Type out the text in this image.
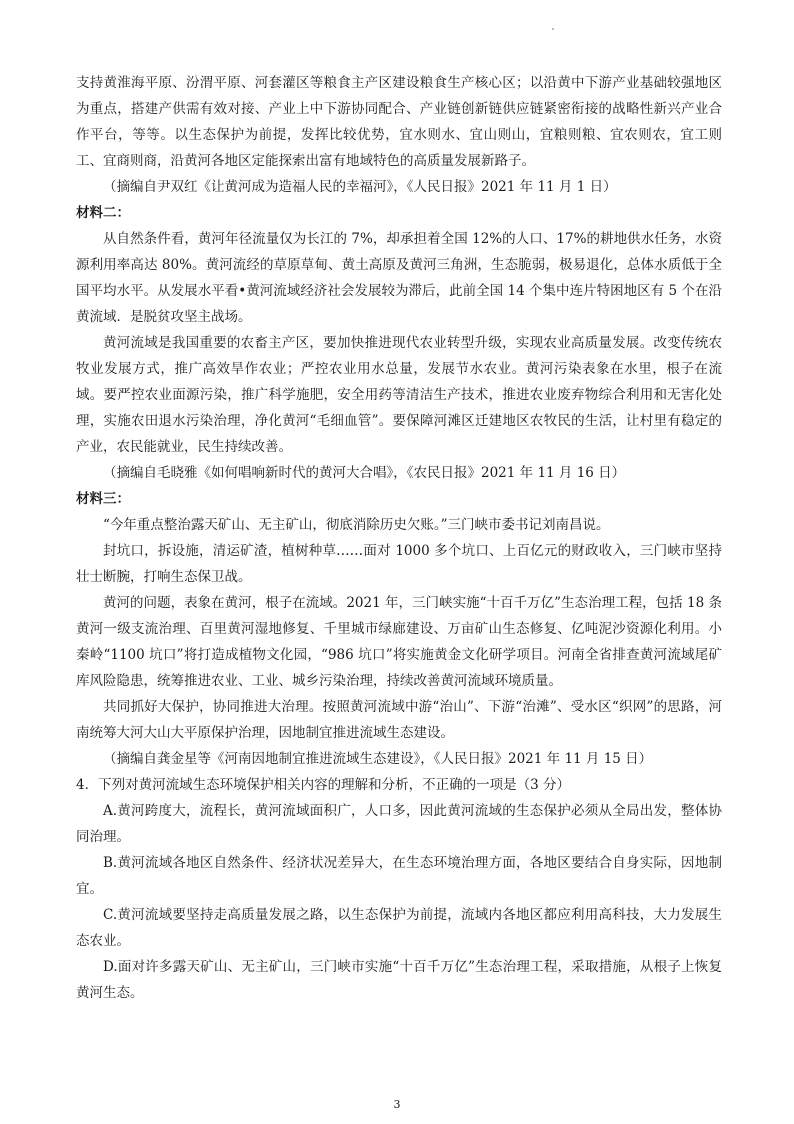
支持黄淮海平原、汾渭平原、河套灌区等粮食主产区建设粮食生产核心区；以沿黄中下游产业基础较强地区为重点，搭建产供需有效对接、产业上中下游协同配合、产业链创新链供应链紧密衔接的战略性新兴产业合作平台，等等。以生态保护为前提，发挥比较优势，宜水则水、宜山则山，宜粮则粮、宜农则农，宜工则工、宜商则商，沿黄河各地区定能探索出富有地域特色的高质量发展新路子。

（摘编自尹双红《让黄河成为造福人民的幸福河》，《人民日报》2021 年 11 月 1 日）

材料二：

从自然条件看，黄河年径流量仅为长江的 7%，却承担着全国 12%的人口、17%的耕地供水任务，水资源利用率高达 80%。黄河流经的草原草甸、黄土高原及黄河三角洲，生态脆弱，极易退化，总体水质低于全国平均水平。从发展水平看•黄河流域经济社会发展较为滞后，此前全国 14 个集中连片特困地区有 5 个在沿黄流域．是脱贫攻坚主战场。

黄河流域是我国重要的农畜主产区，要加快推进现代农业转型升级，实现农业高质量发展。改变传统农牧业发展方式，推广高效旱作农业；严控农业用水总量，发展节水农业。黄河污染表象在水里，根子在流域。要严控农业面源污染，推广科学施肥，安全用药等清洁生产技术，推进农业废弃物综合利用和无害化处理，实施农田退水污染治理，净化黄河“毛细血管”。要保障河滩区迁建地区农牧民的生活，让村里有稳定的产业，农民能就业，民生持续改善。

（摘编自毛晓雅《如何唱响新时代的黄河大合唱》，《农民日报》2021 年 11 月 16 日）

材料三：

“今年重点整治露天矿山、无主矿山，彻底消除历史欠账。”三门峡市委书记刘南昌说。

封坑口，拆设施，清运矿渣，植树种草……面对 1000 多个坑口、上百亿元的财政收入，三门峡市坚持壮士断腕，打响生态保卫战。

黄河的问题，表象在黄河，根子在流域。2021 年，三门峡实施“十百千万亿”生态治理工程，包括 18 条黄河一级支流治理、百里黄河湿地修复、千里城市绿廊建设、万亩矿山生态修复、亿吨泥沙资源化利用。小秦岭“1100 坑口”将打造成植物文化园，“986 坑口”将实施黄金文化研学项目。河南全省排查黄河流域尾矿库风险隐患，统筹推进农业、工业、城乡污染治理，持续改善黄河流域环境质量。

共同抓好大保护，协同推进大治理。按照黄河流域中游“治山”、下游“治滩”、受水区“织网”的思路，河南统筹大河大山大平原保护治理，因地制宜推进流域生态建设。

（摘编自龚金星等《河南因地制宜推进流域生态建设》，《人民日报》2021 年 11 月 15 日）

4．下列对黄河流域生态环境保护相关内容的理解和分析，不正确的一项是（3 分）

A.黄河跨度大，流程长，黄河流域面积广，人口多，因此黄河流域的生态保护必须从全局出发，整体协同治理。

B.黄河流域各地区自然条件、经济状况差异大，在生态环境治理方面，各地区要结合自身实际，因地制宜。

C.黄河流域要坚持走高质量发展之路，以生态保护为前提，流域内各地区都应利用高科技，大力发展生态农业。

D.面对许多露天矿山、无主矿山，三门峡市实施“十百千万亿”生态治理工程，采取措施，从根子上恢复黄河生态。

3
